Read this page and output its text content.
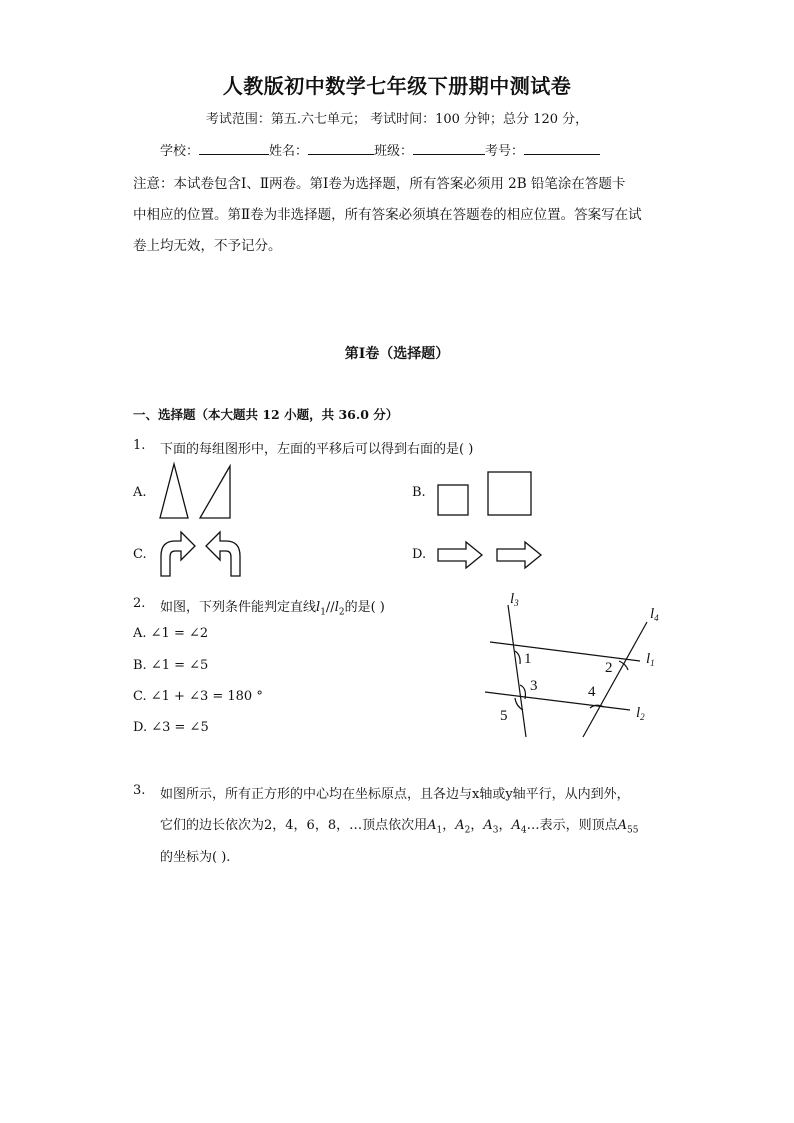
人教版初中数学七年级下册期中测试卷
考试范围：第五.六七单元； 考试时间：100 分钟；总分 120 分，
学校：	姓名：	班级：	考号：
注意：本试卷包含Ⅰ、Ⅱ两卷。第Ⅰ卷为选择题，所有答案必须用 2B 铅笔涂在答题卡
中相应的位置。第Ⅱ卷为非选择题，所有答案必须填在答题卷的相应位置。答案写在试
卷上均无效，不予记分。
第Ⅰ卷（选择题）
一、选择题（本大题共 12 小题，共 36.0 分）
1. 下面的每组图形中，左面的平移后可以得到右面的是( )
A.	B.
C.	D.
2. 如图，下列条件能判定直线$l_1//l_2$的是( )
A. ∠1 = ∠2
B. ∠1 = ∠5
C. ∠1 + ∠3 = 180 °
D. ∠3 = ∠5
$l_3$
$l_4$
$l_1$
$l_2$
1
2
3	4
5
3. 如图所示，所有正方形的中心均在坐标原点，且各边与x轴或y轴平行，从内到外，
它们的边长依次为2，4，6，8，…顶点依次用$A_1$，$A_2$，$A_3$，$A_4\dots$表示，则顶点$A_{55}$
的坐标为( ).
